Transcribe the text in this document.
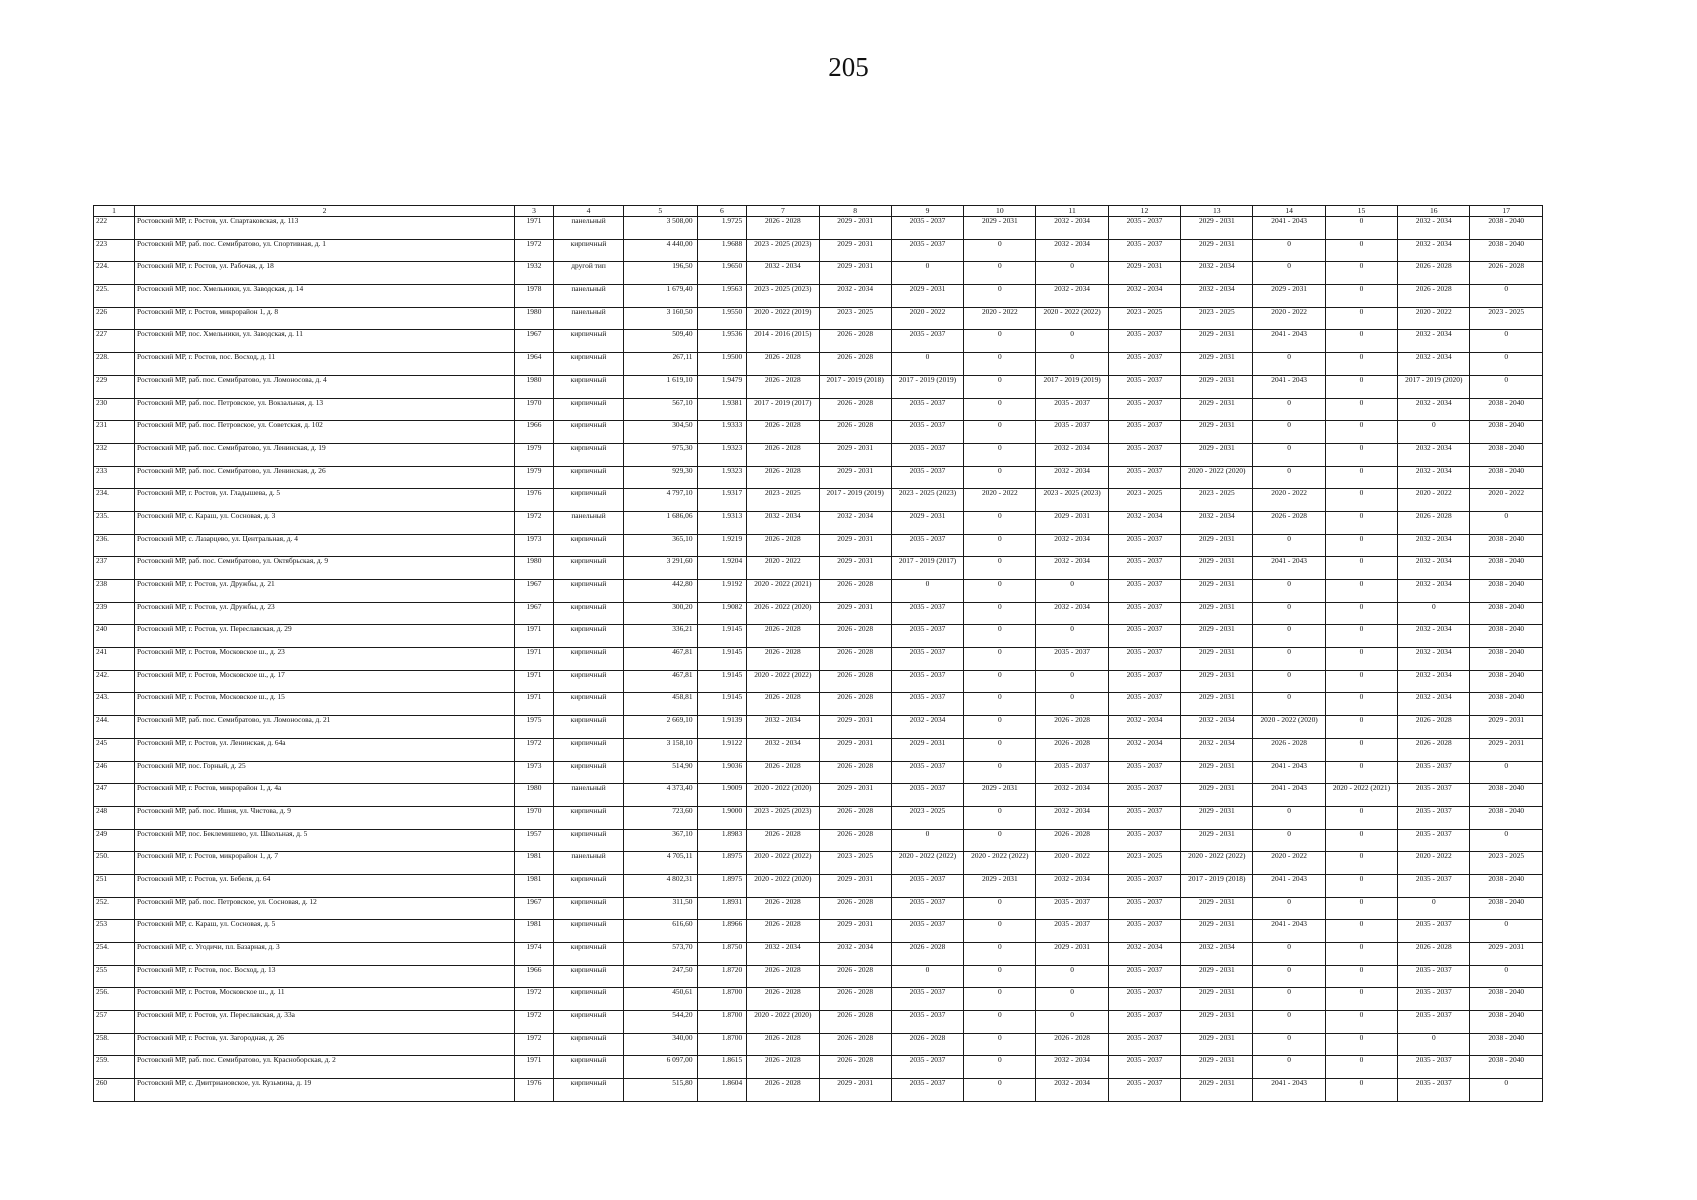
205
1	2	3	4	5	6	7	8	9	10	11	12	13	14	15	16	17
222	Ростовский МР, г. Ростов, ул. Спартаковская, д. 113	1971	панельный	3 508,00	1.9725	2026 - 2028	2029 - 2031	2035 - 2037	2029 - 2031	2032 - 2034	2035 - 2037	2029 - 2031	2041 - 2043	0	2032 - 2034	2038 - 2040
223	Ростовский МР, раб. пос. Семибратово, ул. Спортивная, д. 1	1972	кирпичный	4 440,00	1.9688	2023 - 2025 (2023)	2029 - 2031	2035 - 2037	0	2032 - 2034	2035 - 2037	2029 - 2031	0	0	2032 - 2034	2038 - 2040
224.	Ростовский МР, г. Ростов, ул. Рабочая, д. 18	1932	другой тип	196,50	1.9650	2032 - 2034	2029 - 2031	0	0	0	2029 - 2031	2032 - 2034	0	0	2026 - 2028	2026 - 2028
225.	Ростовский МР, пос. Хмельники, ул. Заводская, д. 14	1978	панельный	1 679,40	1.9563	2023 - 2025 (2023)	2032 - 2034	2029 - 2031	0	2032 - 2034	2032 - 2034	2032 - 2034	2029 - 2031	0	2026 - 2028	0
226	Ростовский МР, г. Ростов, микрорайон 1, д. 8	1980	панельный	3 160,50	1.9550	2020 - 2022 (2019)	2023 - 2025	2020 - 2022	2020 - 2022	2020 - 2022 (2022)	2023 - 2025	2023 - 2025	2020 - 2022	0	2020 - 2022	2023 - 2025
227	Ростовский МР, пос. Хмельники, ул. Заводская, д. 11	1967	кирпичный	509,40	1.9536	2014 - 2016 (2015)	2026 - 2028	2035 - 2037	0	0	2035 - 2037	2029 - 2031	2041 - 2043	0	2032 - 2034	0
228.	Ростовский МР, г. Ростов, пос. Восход, д. 11	1964	кирпичный	267,11	1.9500	2026 - 2028	2026 - 2028	0	0	0	2035 - 2037	2029 - 2031	0	0	2032 - 2034	0
229	Ростовский МР, раб. пос. Семибратово, ул. Ломоносова, д. 4	1980	кирпичный	1 619,10	1.9479	2026 - 2028	2017 - 2019 (2018)	2017 - 2019 (2019)	0	2017 - 2019 (2019)	2035 - 2037	2029 - 2031	2041 - 2043	0	2017 - 2019 (2020)	0
230	Ростовский МР, раб. пос. Петровское, ул. Вокзальная, д. 13	1970	кирпичный	567,10	1.9381	2017 - 2019 (2017)	2026 - 2028	2035 - 2037	0	2035 - 2037	2035 - 2037	2029 - 2031	0	0	2032 - 2034	2038 - 2040
231	Ростовский МР, раб. пос. Петровское, ул. Советская, д. 102	1966	кирпичный	304,50	1.9333	2026 - 2028	2026 - 2028	2035 - 2037	0	2035 - 2037	2035 - 2037	2029 - 2031	0	0	0	2038 - 2040
232	Ростовский МР, раб. пос. Семибратово, ул. Ленинская, д. 19	1979	кирпичный	975,30	1.9323	2026 - 2028	2029 - 2031	2035 - 2037	0	2032 - 2034	2035 - 2037	2029 - 2031	0	0	2032 - 2034	2038 - 2040
233	Ростовский МР, раб. пос. Семибратово, ул. Ленинская, д. 26	1979	кирпичный	929,30	1.9323	2026 - 2028	2029 - 2031	2035 - 2037	0	2032 - 2034	2035 - 2037	2020 - 2022 (2020)	0	0	2032 - 2034	2038 - 2040
234.	Ростовский МР, г. Ростов, ул. Гладышева, д. 5	1976	кирпичный	4 797,10	1.9317	2023 - 2025	2017 - 2019 (2019)	2023 - 2025 (2023)	2020 - 2022	2023 - 2025 (2023)	2023 - 2025	2023 - 2025	2020 - 2022	0	2020 - 2022	2020 - 2022
235.	Ростовский МР, с. Караш, ул. Сосновая, д. 3	1972	панельный	1 686,06	1.9313	2032 - 2034	2032 - 2034	2029 - 2031	0	2029 - 2031	2032 - 2034	2032 - 2034	2026 - 2028	0	2026 - 2028	0
236.	Ростовский МР, с. Лазарцево, ул. Центральная, д. 4	1973	кирпичный	365,10	1.9219	2026 - 2028	2029 - 2031	2035 - 2037	0	2032 - 2034	2035 - 2037	2029 - 2031	0	0	2032 - 2034	2038 - 2040
237	Ростовский МР, раб. пос. Семибратово, ул. Октябрьская, д. 9	1980	кирпичный	3 291,60	1.9204	2020 - 2022	2029 - 2031	2017 - 2019 (2017)	0	2032 - 2034	2035 - 2037	2029 - 2031	2041 - 2043	0	2032 - 2034	2038 - 2040
238	Ростовский МР, г. Ростов, ул. Дружбы, д. 21	1967	кирпичный	442,80	1.9192	2020 - 2022 (2021)	2026 - 2028	0	0	0	2035 - 2037	2029 - 2031	0	0	2032 - 2034	2038 - 2040
239	Ростовский МР, г. Ростов, ул. Дружбы, д. 23	1967	кирпичный	300,20	1.9082	2026 - 2022 (2020)	2029 - 2031	2035 - 2037	0	2032 - 2034	2035 - 2037	2029 - 2031	0	0	0	2038 - 2040
240	Ростовский МР, г. Ростов, ул. Переславская, д. 29	1971	кирпичный	336,21	1.9145	2026 - 2028	2026 - 2028	2035 - 2037	0	0	2035 - 2037	2029 - 2031	0	0	2032 - 2034	2038 - 2040
241	Ростовский МР, г. Ростов, Московское ш., д. 23	1971	кирпичный	467,81	1.9145	2026 - 2028	2026 - 2028	2035 - 2037	0	2035 - 2037	2035 - 2037	2029 - 2031	0	0	2032 - 2034	2038 - 2040
242.	Ростовский МР, г. Ростов, Московское ш., д. 17	1971	кирпичный	467,81	1.9145	2020 - 2022 (2022)	2026 - 2028	2035 - 2037	0	0	2035 - 2037	2029 - 2031	0	0	2032 - 2034	2038 - 2040
243.	Ростовский МР, г. Ростов, Московское ш., д. 15	1971	кирпичный	458,81	1.9145	2026 - 2028	2026 - 2028	2035 - 2037	0	0	2035 - 2037	2029 - 2031	0	0	2032 - 2034	2038 - 2040
244.	Ростовский МР, раб. пос. Семибратово, ул. Ломоносова, д. 21	1975	кирпичный	2 669,10	1.9139	2032 - 2034	2029 - 2031	2032 - 2034	0	2026 - 2028	2032 - 2034	2032 - 2034	2020 - 2022 (2020)	0	2026 - 2028	2029 - 2031
245	Ростовский МР, г. Ростов, ул. Ленинская, д. 64а	1972	кирпичный	3 158,10	1.9122	2032 - 2034	2029 - 2031	2029 - 2031	0	2026 - 2028	2032 - 2034	2032 - 2034	2026 - 2028	0	2026 - 2028	2029 - 2031
246	Ростовский МР, пос. Горный, д. 25	1973	кирпичный	514,90	1.9036	2026 - 2028	2026 - 2028	2035 - 2037	0	2035 - 2037	2035 - 2037	2029 - 2031	2041 - 2043	0	2035 - 2037	0
247	Ростовский МР, г. Ростов, микрорайон 1, д. 4а	1980	панельный	4 373,40	1.9009	2020 - 2022 (2020)	2029 - 2031	2035 - 2037	2029 - 2031	2032 - 2034	2035 - 2037	2029 - 2031	2041 - 2043	2020 - 2022 (2021)	2035 - 2037	2038 - 2040
248	Ростовский МР, раб. пос. Ишня, ул. Чистова, д. 9	1970	кирпичный	723,60	1.9000	2023 - 2025 (2023)	2026 - 2028	2023 - 2025	0	2032 - 2034	2035 - 2037	2029 - 2031	0	0	2035 - 2037	2038 - 2040
249	Ростовский МР, пос. Беклемишево, ул. Школьная, д. 5	1957	кирпичный	367,10	1.8983	2026 - 2028	2026 - 2028	0	0	2026 - 2028	2035 - 2037	2029 - 2031	0	0	2035 - 2037	0
250.	Ростовский МР, г. Ростов, микрорайон 1, д. 7	1981	панельный	4 705,11	1.8975	2020 - 2022 (2022)	2023 - 2025	2020 - 2022 (2022)	2020 - 2022 (2022)	2020 - 2022	2023 - 2025	2020 - 2022 (2022)	2020 - 2022	0	2020 - 2022	2023 - 2025
251	Ростовский МР, г. Ростов, ул. Бебеля, д. 64	1981	кирпичный	4 802,31	1.8975	2020 - 2022 (2020)	2029 - 2031	2035 - 2037	2029 - 2031	2032 - 2034	2035 - 2037	2017 - 2019 (2018)	2041 - 2043	0	2035 - 2037	2038 - 2040
252.	Ростовский МР, раб. пос. Петровское, ул. Сосновая, д. 12	1967	кирпичный	311,50	1.8931	2026 - 2028	2026 - 2028	2035 - 2037	0	2035 - 2037	2035 - 2037	2029 - 2031	0	0	0	2038 - 2040
253	Ростовский МР, с. Караш, ул. Сосновая, д. 5	1981	кирпичный	616,60	1.8966	2026 - 2028	2029 - 2031	2035 - 2037	0	2035 - 2037	2035 - 2037	2029 - 2031	2041 - 2043	0	2035 - 2037	0
254.	Ростовский МР, с. Угодичи, пл. Базарная, д. 3	1974	кирпичный	573,70	1.8750	2032 - 2034	2032 - 2034	2026 - 2028	0	2029 - 2031	2032 - 2034	2032 - 2034	0	0	2026 - 2028	2029 - 2031
255	Ростовский МР, г. Ростов, пос. Восход, д. 13	1966	кирпичный	247,50	1.8720	2026 - 2028	2026 - 2028	0	0	0	2035 - 2037	2029 - 2031	0	0	2035 - 2037	0
256.	Ростовский МР, г. Ростов, Московское ш., д. 11	1972	кирпичный	450,61	1.8700	2026 - 2028	2026 - 2028	2035 - 2037	0	0	2035 - 2037	2029 - 2031	0	0	2035 - 2037	2038 - 2040
257	Ростовский МР, г. Ростов, ул. Переславская, д. 33а	1972	кирпичный	544,20	1.8700	2020 - 2022 (2020)	2026 - 2028	2035 - 2037	0	0	2035 - 2037	2029 - 2031	0	0	2035 - 2037	2038 - 2040
258.	Ростовский МР, г. Ростов, ул. Загородная, д. 26	1972	кирпичный	340,00	1.8700	2026 - 2028	2026 - 2028	2026 - 2028	0	2026 - 2028	2035 - 2037	2029 - 2031	0	0	0	2038 - 2040
259.	Ростовский МР, раб. пос. Семибратово, ул. Краснобoрская, д. 2	1971	кирпичный	6 097,00	1.8615	2026 - 2028	2026 - 2028	2035 - 2037	0	2032 - 2034	2035 - 2037	2029 - 2031	0	0	2035 - 2037	2038 - 2040
260	Ростовский МР, с. Дмитриановское, ул. Кузьмина, д. 19	1976	кирпичный	515,80	1.8604	2026 - 2028	2029 - 2031	2035 - 2037	0	2032 - 2034	2035 - 2037	2029 - 2031	2041 - 2043	0	2035 - 2037	0
